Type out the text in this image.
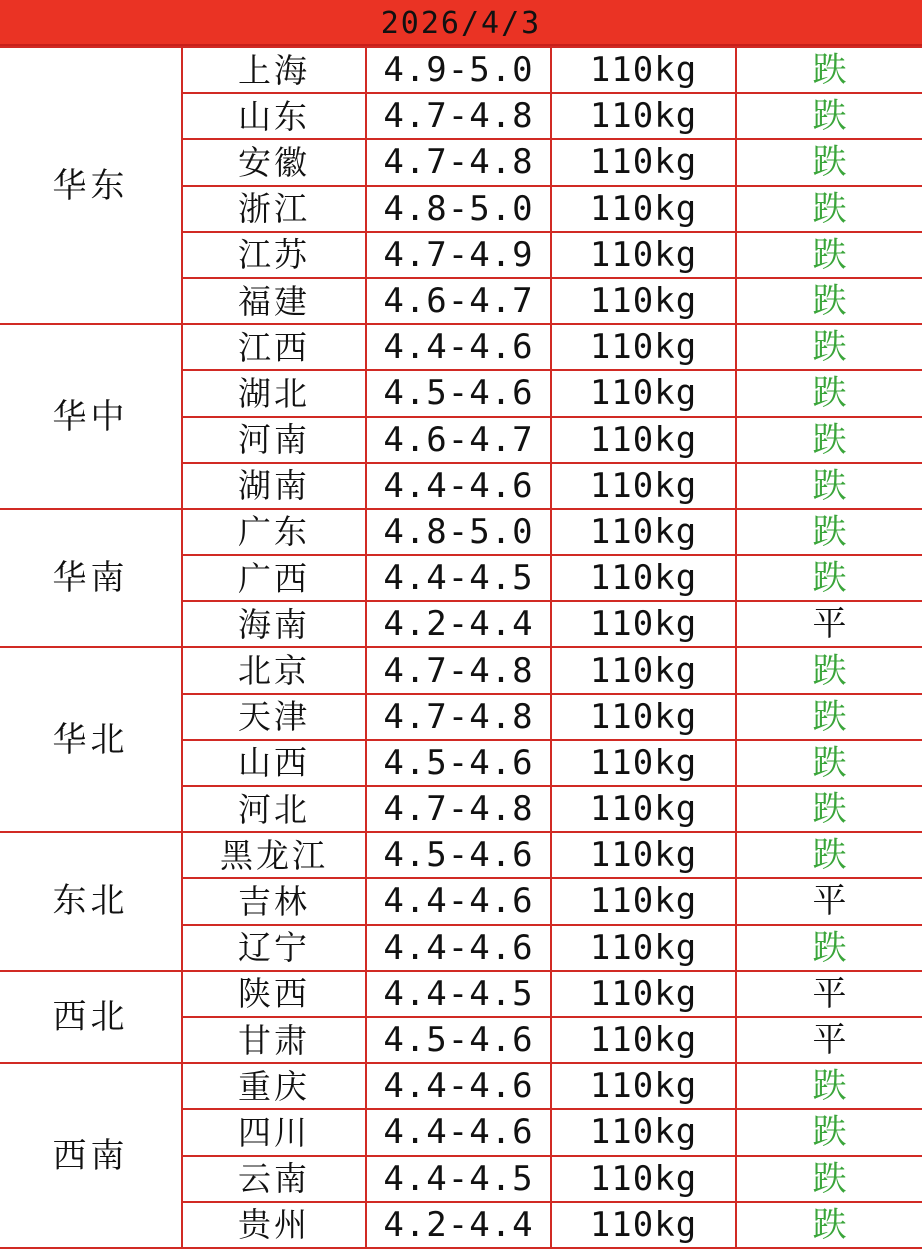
2026/4/3
华东	上海	4.9-5.0	110kg	跌
	山东	4.7-4.8	110kg	跌
	安徽	4.7-4.8	110kg	跌
	浙江	4.8-5.0	110kg	跌
	江苏	4.7-4.9	110kg	跌
	福建	4.6-4.7	110kg	跌
华中	江西	4.4-4.6	110kg	跌
	湖北	4.5-4.6	110kg	跌
	河南	4.6-4.7	110kg	跌
	湖南	4.4-4.6	110kg	跌
华南	广东	4.8-5.0	110kg	跌
	广西	4.4-4.5	110kg	跌
	海南	4.2-4.4	110kg	平
华北	北京	4.7-4.8	110kg	跌
	天津	4.7-4.8	110kg	跌
	山西	4.5-4.6	110kg	跌
	河北	4.7-4.8	110kg	跌
东北	黑龙江	4.5-4.6	110kg	跌
	吉林	4.4-4.6	110kg	平
	辽宁	4.4-4.6	110kg	跌
西北	陕西	4.4-4.5	110kg	平
	甘肃	4.5-4.6	110kg	平
西南	重庆	4.4-4.6	110kg	跌
	四川	4.4-4.6	110kg	跌
	云南	4.4-4.5	110kg	跌
	贵州	4.2-4.4	110kg	跌
